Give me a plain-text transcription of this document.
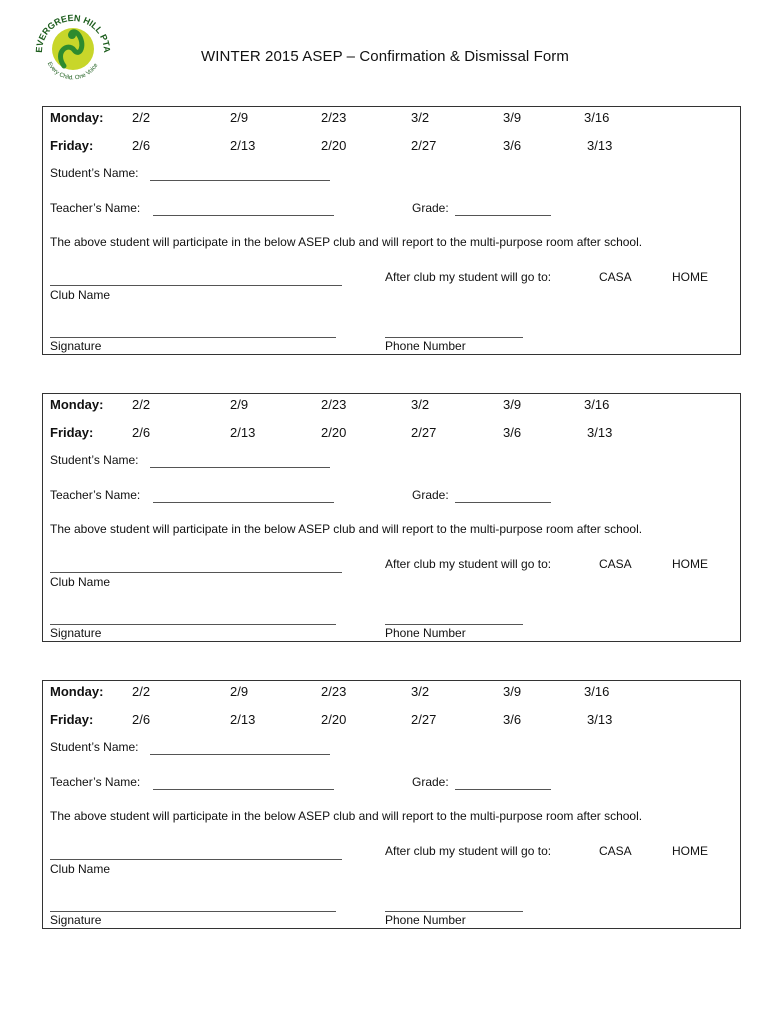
EVERGREEN HILL PTA
Every Child. One Voice
WINTER 2015 ASEP – Confirmation & Dismissal Form
Monday: 2/2	2/9	2/23	3/2	3/9	3/16
Friday:	2/6	2/13	2/20	2/27	3/6	3/13
Student’s Name:
Teacher’s Name:	Grade:
The above student will participate in the below ASEP club and will report to the multi-purpose room after school.
After club my student will go to:	CASA	HOME
Club Name
Signature	Phone Number
Monday: 2/2	2/9	2/23	3/2	3/9	3/16
Friday:	2/6	2/13	2/20	2/27	3/6	3/13
Student’s Name:
Teacher’s Name:	Grade:
The above student will participate in the below ASEP club and will report to the multi-purpose room after school.
After club my student will go to:	CASA	HOME
Club Name
Signature	Phone Number
Monday: 2/2	2/9	2/23	3/2	3/9	3/16
Friday:	2/6	2/13	2/20	2/27	3/6	3/13
Student’s Name:
Teacher’s Name:	Grade:
The above student will participate in the below ASEP club and will report to the multi-purpose room after school.
After club my student will go to:	CASA	HOME
Club Name
Signature	Phone Number
